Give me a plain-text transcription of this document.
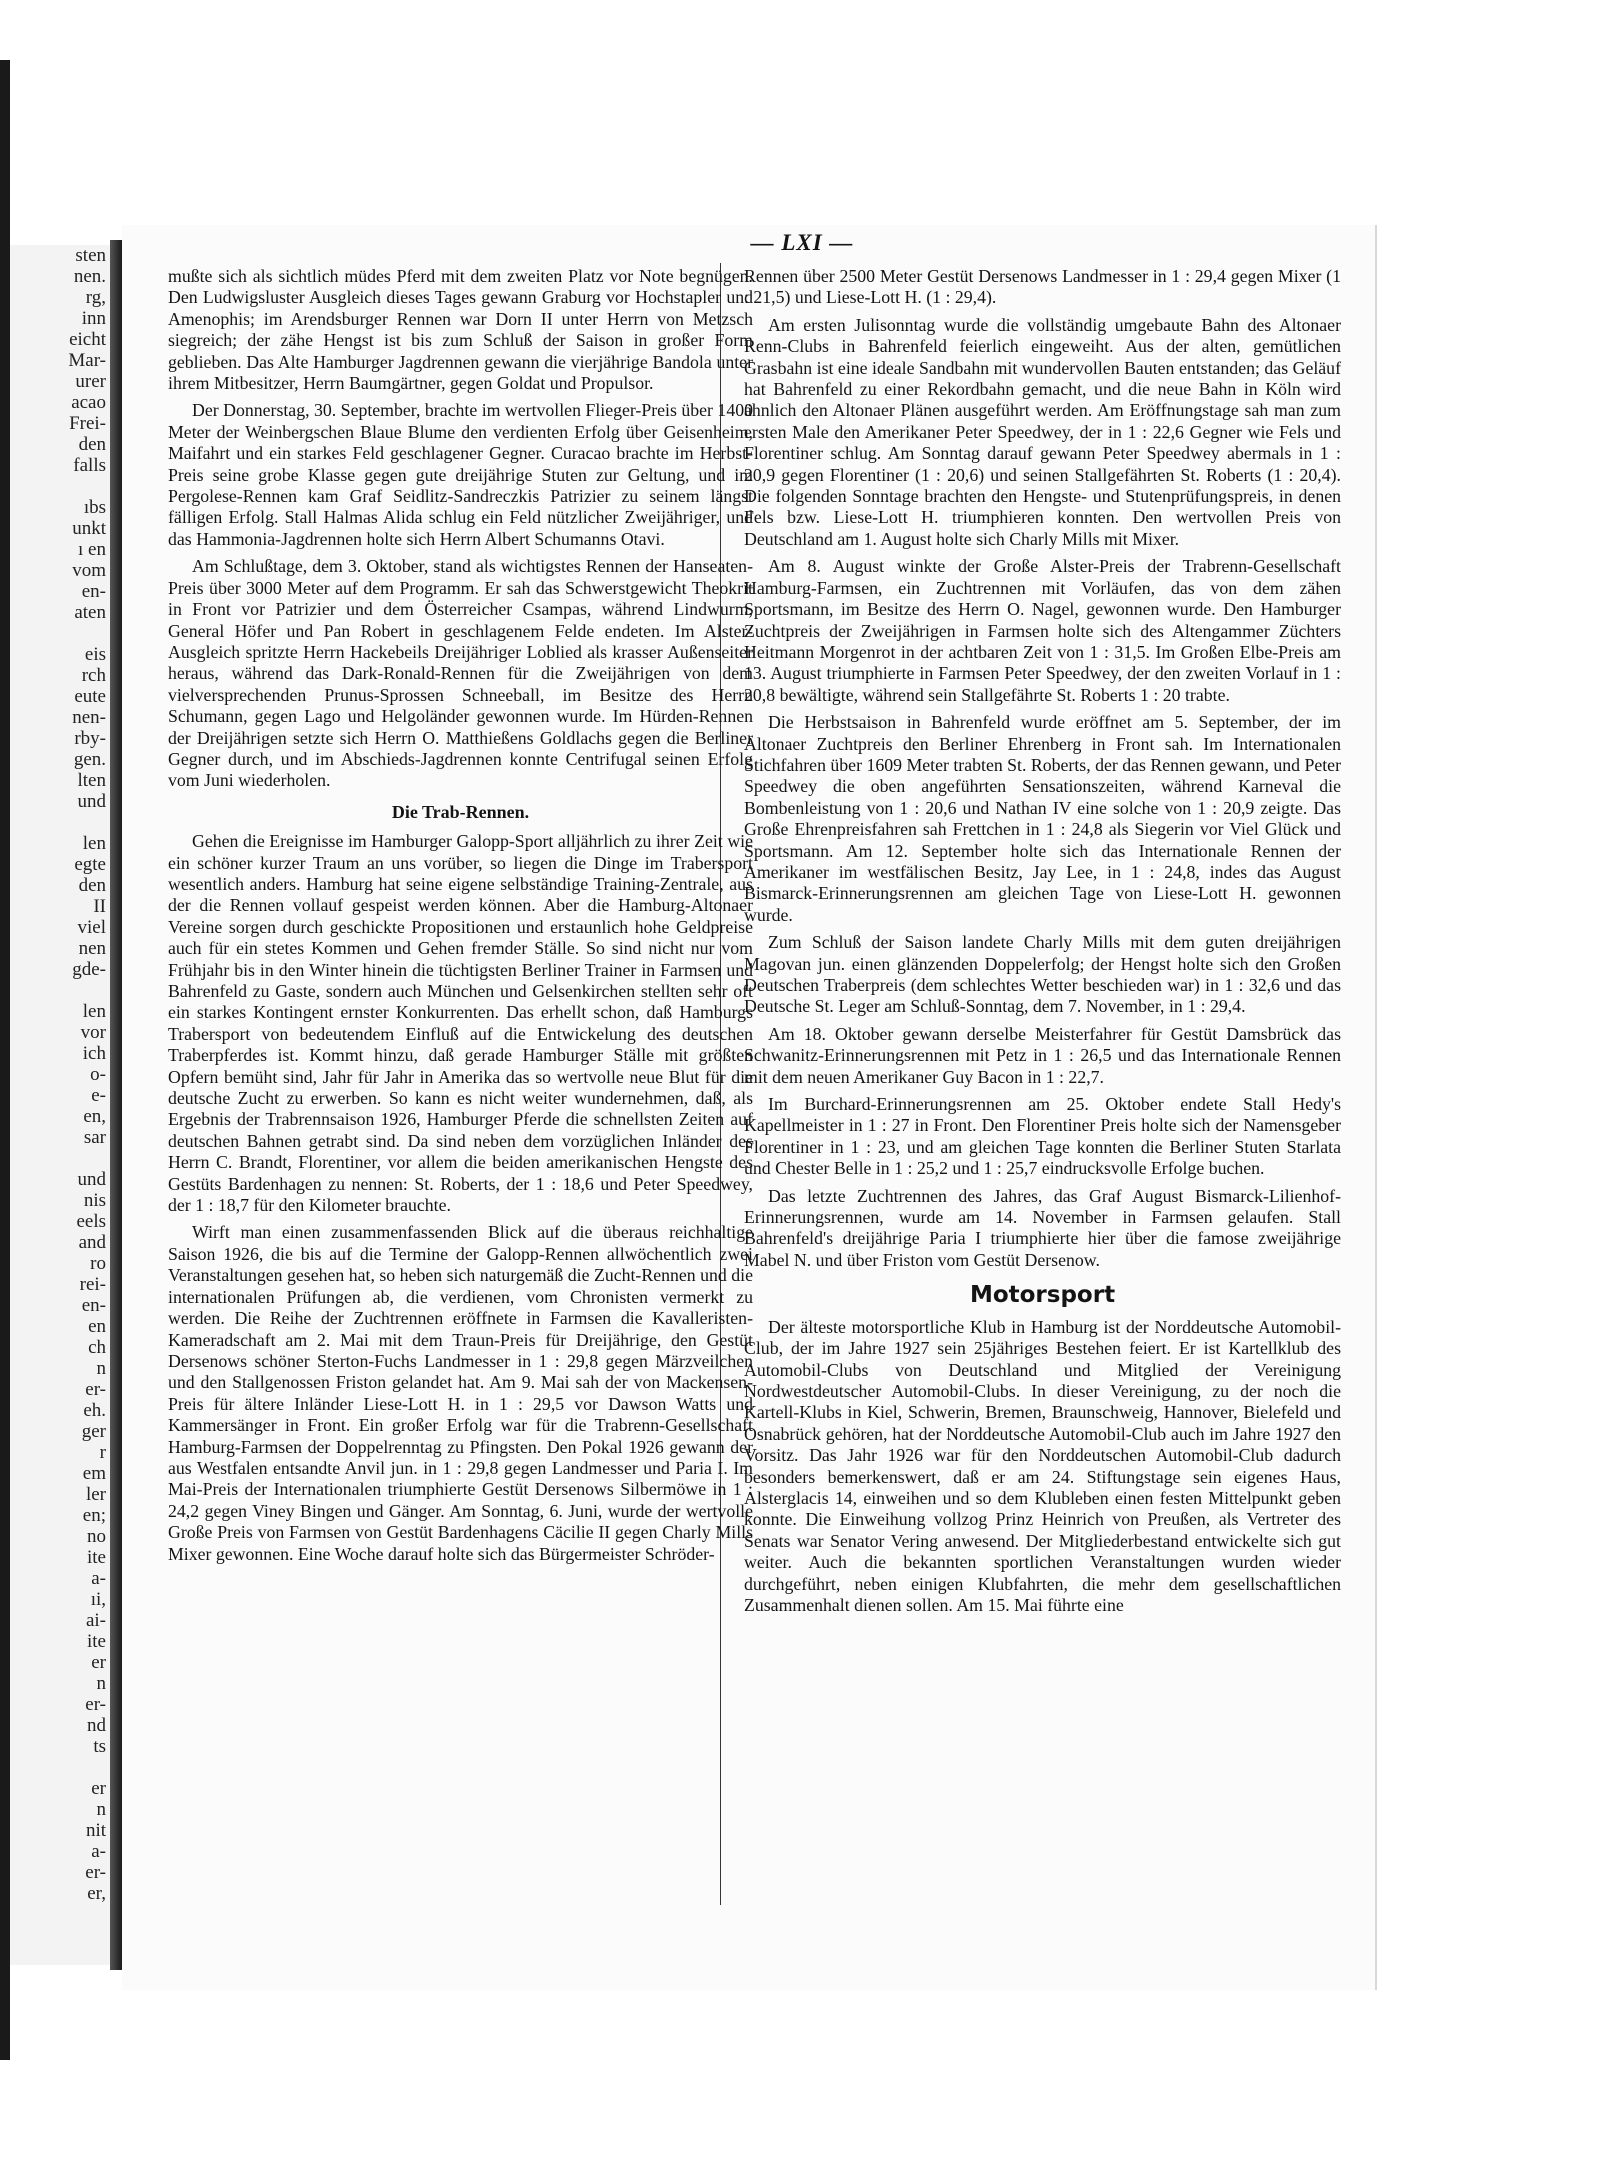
sten
nen.
rg,
inn
eicht
Mar-
urer
acao
Frei-
den
falls
ıbs
unkt
ı en
vom
en-
aten
eis
rch
eute
nen-
rby-
gen.
lten
und
len
egte
den
II
viel
nen
gde-
len
vor
ich
o-
e-
en,
sar
und
nis
eels
and
ro
rei-
en-
en
ch
n
er-
eh.
ger
r
em
ler
en;
no
ite
a-
ıi,
ai-
ite
er
n
er-
nd
ts
er
n
nit
a-
er-
er,
— LXI —

mußte sich als sichtlich müdes Pferd mit dem zweiten Platz vor Note begnügen. Den Ludwigsluster Ausgleich dieses Tages gewann Graburg vor Hochstapler und Amenophis; im Arendsburger Rennen war Dorn II unter Herrn von Metzsch siegreich; der zähe Hengst ist bis zum Schluß der Saison in großer Form geblieben. Das Alte Hamburger Jagdrennen gewann die vierjährige Bandola unter ihrem Mitbesitzer, Herrn Baumgärtner, gegen Goldat und Propulsor.

Der Donnerstag, 30. September, brachte im wertvollen Flieger-Preis über 1400 Meter der Weinbergschen Blaue Blume den verdienten Erfolg über Geisenheim, Maifahrt und ein starkes Feld geschlagener Gegner. Curacao brachte im Herbst-Preis seine grobe Klasse gegen gute dreijährige Stuten zur Geltung, und im Pergolese-Rennen kam Graf Seidlitz-Sandreczkis Patrizier zu seinem längst fälligen Erfolg. Stall Halmas Alida schlug ein Feld nützlicher Zweijähriger, und das Hammonia-Jagdrennen holte sich Herrn Albert Schumanns Otavi.

Am Schlußtage, dem 3. Oktober, stand als wichtigstes Rennen der Hanseaten-Preis über 3000 Meter auf dem Programm. Er sah das Schwerstgewicht Theokrit in Front vor Patrizier und dem Österreicher Csampas, während Lindwurm, General Höfer und Pan Robert in geschlagenem Felde endeten. Im Alster-Ausgleich spritzte Herrn Hackebeils Dreijähriger Loblied als krasser Außenseiter heraus, während das Dark-Ronald-Rennen für die Zweijährigen von dem vielversprechenden Prunus-Sprossen Schneeball, im Besitze des Herrn Schumann, gegen Lago und Helgoländer gewonnen wurde. Im Hürden-Rennen der Dreijährigen setzte sich Herrn O. Matthießens Goldlachs gegen die Berliner Gegner durch, und im Abschieds-Jagdrennen konnte Centrifugal seinen Erfolg vom Juni wiederholen.

Die Trab-Rennen.

Gehen die Ereignisse im Hamburger Galopp-Sport alljährlich zu ihrer Zeit wie ein schöner kurzer Traum an uns vorüber, so liegen die Dinge im Trabersport wesentlich anders. Hamburg hat seine eigene selbständige Training-Zentrale, aus der die Rennen vollauf gespeist werden können. Aber die Hamburg-Altonaer Vereine sorgen durch geschickte Propositionen und erstaunlich hohe Geldpreise auch für ein stetes Kommen und Gehen fremder Ställe. So sind nicht nur vom Frühjahr bis in den Winter hinein die tüchtigsten Berliner Trainer in Farmsen und Bahrenfeld zu Gaste, sondern auch München und Gelsenkirchen stellten sehr oft ein starkes Kontingent ernster Konkurrenten. Das erhellt schon, daß Hamburgs Trabersport von bedeutendem Einfluß auf die Entwickelung des deutschen Traberpferdes ist. Kommt hinzu, daß gerade Hamburger Ställe mit größten Opfern bemüht sind, Jahr für Jahr in Amerika das so wertvolle neue Blut für die deutsche Zucht zu erwerben. So kann es nicht weiter wundernehmen, daß, als Ergebnis der Trabrennsaison 1926, Hamburger Pferde die schnellsten Zeiten auf deutschen Bahnen getrabt sind. Da sind neben dem vorzüglichen Inländer des Herrn C. Brandt, Florentiner, vor allem die beiden amerikanischen Hengste des Gestüts Bardenhagen zu nennen: St. Roberts, der 1 : 18,6 und Peter Speedwey, der 1 : 18,7 für den Kilometer brauchte.

Wirft man einen zusammenfassenden Blick auf die überaus reichhaltige Saison 1926, die bis auf die Termine der Galopp-Rennen allwöchentlich zwei Veranstaltungen gesehen hat, so heben sich naturgemäß die Zucht-Rennen und die internationalen Prüfungen ab, die verdienen, vom Chronisten vermerkt zu werden. Die Reihe der Zuchtrennen eröffnete in Farmsen die Kavalleristen-Kameradschaft am 2. Mai mit dem Traun-Preis für Dreijährige, den Gestüt Dersenows schöner Sterton-Fuchs Landmesser in 1 : 29,8 gegen Märzveilchen und den Stallgenossen Friston gelandet hat. Am 9. Mai sah der von Mackensen-Preis für ältere Inländer Liese-Lott H. in 1 : 29,5 vor Dawson Watts und Kammersänger in Front. Ein großer Erfolg war für die Trabrenn-Gesellschaft Hamburg-Farmsen der Doppelrenntag zu Pfingsten. Den Pokal 1926 gewann der aus Westfalen entsandte Anvil jun. in 1 : 29,8 gegen Landmesser und Paria I. Im Mai-Preis der Internationalen triumphierte Gestüt Dersenows Silbermöwe in 1 : 24,2 gegen Viney Bingen und Gänger. Am Sonntag, 6. Juni, wurde der wertvolle Große Preis von Farmsen von Gestüt Bardenhagens Cäcilie II gegen Charly Mills Mixer gewonnen. Eine Woche darauf holte sich das Bürgermeister Schröder-

Rennen über 2500 Meter Gestüt Dersenows Landmesser in 1 : 29,4 gegen Mixer (1 : 21,5) und Liese-Lott H. (1 : 29,4).

Am ersten Julisonntag wurde die vollständig umgebaute Bahn des Altonaer Renn-Clubs in Bahrenfeld feierlich eingeweiht. Aus der alten, gemütlichen Grasbahn ist eine ideale Sandbahn mit wundervollen Bauten entstanden; das Geläuf hat Bahrenfeld zu einer Rekordbahn gemacht, und die neue Bahn in Köln wird ähnlich den Altonaer Plänen ausgeführt werden. Am Eröffnungstage sah man zum ersten Male den Amerikaner Peter Speedwey, der in 1 : 22,6 Gegner wie Fels und Florentiner schlug. Am Sonntag darauf gewann Peter Speedwey abermals in 1 : 20,9 gegen Florentiner (1 : 20,6) und seinen Stallgefährten St. Roberts (1 : 20,4). Die folgenden Sonntage brachten den Hengste- und Stutenprüfungspreis, in denen Fels bzw. Liese-Lott H. triumphieren konnten. Den wertvollen Preis von Deutschland am 1. August holte sich Charly Mills mit Mixer.

Am 8. August winkte der Große Alster-Preis der Trabrenn-Gesellschaft Hamburg-Farmsen, ein Zuchtrennen mit Vorläufen, das von dem zähen Sportsmann, im Besitze des Herrn O. Nagel, gewonnen wurde. Den Hamburger Zuchtpreis der Zweijährigen in Farmsen holte sich des Altengammer Züchters Heitmann Morgenrot in der achtbaren Zeit von 1 : 31,5. Im Großen Elbe-Preis am 13. August triumphierte in Farmsen Peter Speedwey, der den zweiten Vorlauf in 1 : 20,8 bewältigte, während sein Stallgefährte St. Roberts 1 : 20 trabte.

Die Herbstsaison in Bahrenfeld wurde eröffnet am 5. September, der im Altonaer Zuchtpreis den Berliner Ehrenberg in Front sah. Im Internationalen Stichfahren über 1609 Meter trabten St. Roberts, der das Rennen gewann, und Peter Speedwey die oben angeführten Sensationszeiten, während Karneval die Bombenleistung von 1 : 20,6 und Nathan IV eine solche von 1 : 20,9 zeigte. Das Große Ehrenpreisfahren sah Frettchen in 1 : 24,8 als Siegerin vor Viel Glück und Sportsmann. Am 12. September holte sich das Internationale Rennen der Amerikaner im westfälischen Besitz, Jay Lee, in 1 : 24,8, indes das August Bismarck-Erinnerungsrennen am gleichen Tage von Liese-Lott H. gewonnen wurde.

Zum Schluß der Saison landete Charly Mills mit dem guten dreijährigen Magovan jun. einen glänzenden Doppelerfolg; der Hengst holte sich den Großen Deutschen Traberpreis (dem schlechtes Wetter beschieden war) in 1 : 32,6 und das Deutsche St. Leger am Schluß-Sonntag, dem 7. November, in 1 : 29,4.

Am 18. Oktober gewann derselbe Meisterfahrer für Gestüt Damsbrück das Schwanitz-Erinnerungsrennen mit Petz in 1 : 26,5 und das Internationale Rennen mit dem neuen Amerikaner Guy Bacon in 1 : 22,7.

Im Burchard-Erinnerungsrennen am 25. Oktober endete Stall Hedy's Kapellmeister in 1 : 27 in Front. Den Florentiner Preis holte sich der Namensgeber Florentiner in 1 : 23, und am gleichen Tage konnten die Berliner Stuten Starlata und Chester Belle in 1 : 25,2 und 1 : 25,7 eindrucksvolle Erfolge buchen.

Das letzte Zuchtrennen des Jahres, das Graf August Bismarck-Lilienhof-Erinnerungsrennen, wurde am 14. November in Farmsen gelaufen. Stall Bahrenfeld's dreijährige Paria I triumphierte hier über die famose zweijährige Mabel N. und über Friston vom Gestüt Dersenow.

Motorsport

Der älteste motorsportliche Klub in Hamburg ist der Norddeutsche Automobil-Club, der im Jahre 1927 sein 25jähriges Bestehen feiert. Er ist Kartellklub des Automobil-Clubs von Deutschland und Mitglied der Vereinigung Nordwestdeutscher Automobil-Clubs. In dieser Vereinigung, zu der noch die Kartell-Klubs in Kiel, Schwerin, Bremen, Braunschweig, Hannover, Bielefeld und Osnabrück gehören, hat der Norddeutsche Automobil-Club auch im Jahre 1927 den Vorsitz. Das Jahr 1926 war für den Norddeutschen Automobil-Club dadurch besonders bemerkenswert, daß er am 24. Stiftungstage sein eigenes Haus, Alsterglacis 14, einweihen und so dem Klubleben einen festen Mittelpunkt geben konnte. Die Einweihung vollzog Prinz Heinrich von Preußen, als Vertreter des Senats war Senator Vering anwesend. Der Mitgliederbestand entwickelte sich gut weiter. Auch die bekannten sportlichen Veranstaltungen wurden wieder durchgeführt, neben einigen Klubfahrten, die mehr dem gesellschaftlichen Zusammenhalt dienen sollen. Am 15. Mai führte eine
